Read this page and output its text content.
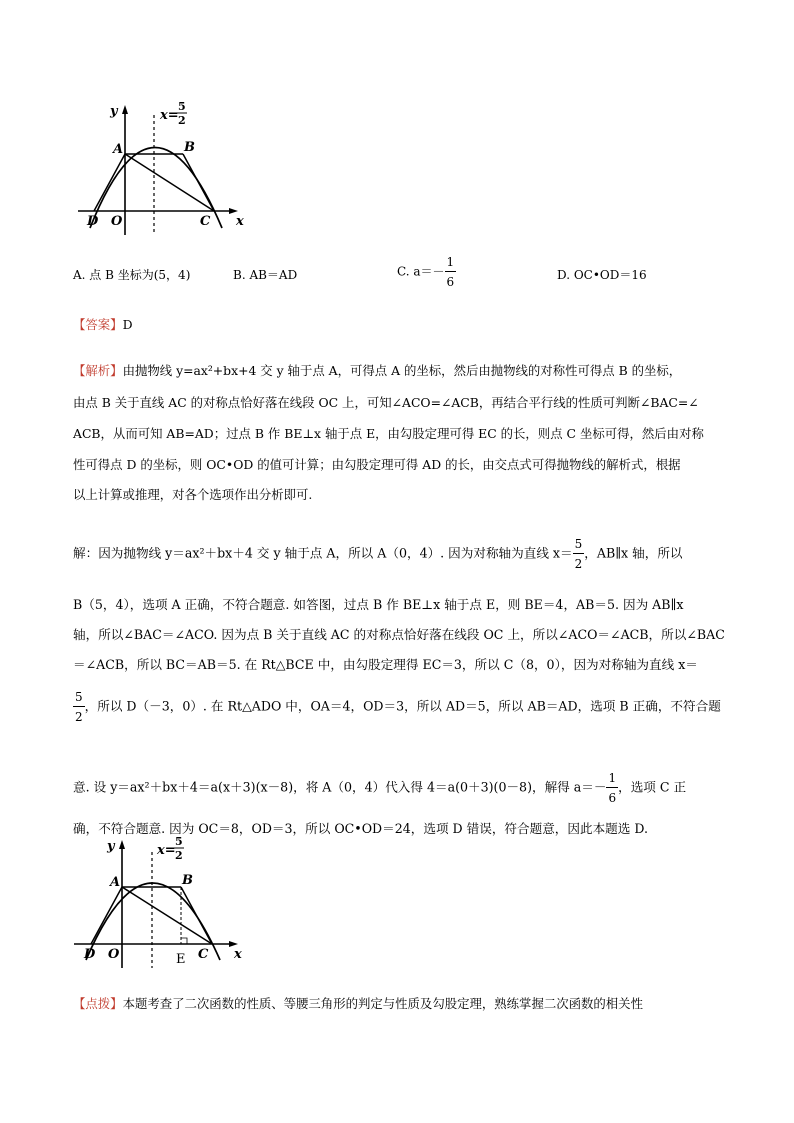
y
x
A	B
C
D O
x=
5
2
A. 点 B 坐标为(5，4)	B. AB＝AD	C. $a=- \frac{1}{6}$	D. OC•OD＝16
【答案】D
【解析】由抛物线 y=ax²+bx+4 交 y 轴于点 A，可得点 A 的坐标，然后由抛物线的对称性可得点 B 的坐标，
由点 B 关于直线 AC 的对称点恰好落在线段 OC 上，可知∠ACO=∠ACB，再结合平行线的性质可判断∠BAC=∠
ACB，从而可知 AB=AD；过点 B 作 BE⊥x 轴于点 E，由勾股定理可得 EC 的长，则点 C 坐标可得，然后由对称
性可得点 D 的坐标，则 OC•OD 的值可计算；由勾股定理可得 AD 的长，由交点式可得抛物线的解析式，根据
以上计算或推理，对各个选项作出分析即可.
解：因为抛物线 y＝ax²＋bx＋4 交 y 轴于点 A，所以 A（0，4）. 因为对称轴为直线 $x= \frac{5}{2}$ ，AB∥x 轴，所以
B（5，4），选项 A 正确，不符合题意. 如答图，过点 B 作 BE⊥x 轴于点 E，则 BE＝4，AB＝5. 因为 AB∥x
轴，所以∠BAC＝∠ACO. 因为点 B 关于直线 AC 的对称点恰好落在线段 OC 上，所以∠ACO＝∠ACB，所以∠BAC
＝∠ACB，所以 BC＝AB＝5. 在 Rt△BCE 中，由勾股定理得 EC＝3，所以 C（8，0），因为对称轴为直线 x＝
$\frac{5}{2}$ ，所以 D（－3，0）. 在 Rt△ADO 中，OA＝4，OD＝3，所以 AD＝5，所以 AB＝AD，选项 B 正确，不符合题
意. 设 y＝ax²＋bx＋4＝a(x＋3)(x－8)，将 A（0，4）代入得 4＝a(0＋3)(0－8)，解得 $a=- \frac{1}{6}$ ，选项 C 正
确，不符合题意. 因为 OC＝8，OD＝3，所以 OC•OD＝24，选项 D 错误，符合题意，因此本题选 D.
y
x
A	B
C
D O	E
x=
5
2
【点拨】本题考查了二次函数的性质、等腰三角形的判定与性质及勾股定理，熟练掌握二次函数的相关性
